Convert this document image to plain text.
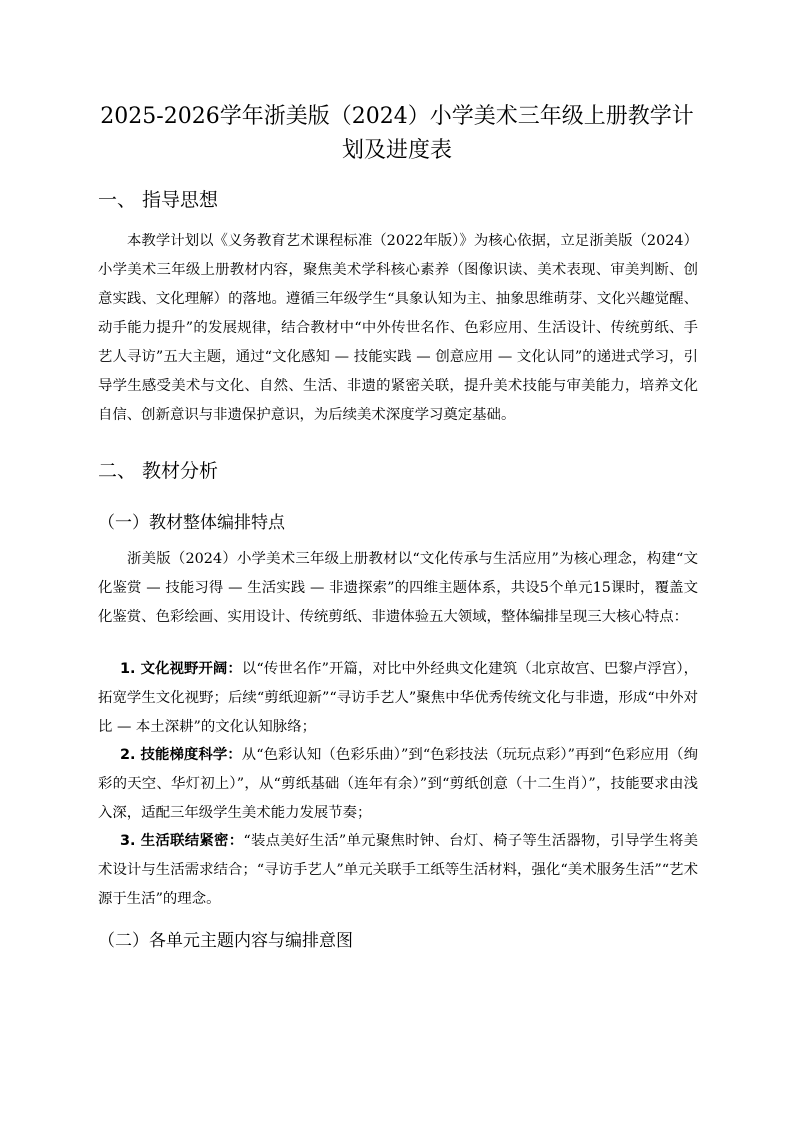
2025-2026学年浙美版（2024）小学美术三年级上册教学计划及进度表
一、 指导思想

本教学计划以《义务教育艺术课程标准（2022年版）》为核心依据，立足浙美版（2024）小学美术三年级上册教材内容，聚焦美术学科核心素养（图像识读、美术表现、审美判断、创意实践、文化理解）的落地。遵循三年级学生“具象认知为主、抽象思维萌芽、文化兴趣觉醒、动手能力提升”的发展规律，结合教材中“中外传世名作、色彩应用、生活设计、传统剪纸、手艺人寻访”五大主题，通过“文化感知 — 技能实践 — 创意应用 — 文化认同”的递进式学习，引导学生感受美术与文化、自然、生活、非遗的紧密关联，提升美术技能与审美能力，培养文化自信、创新意识与非遗保护意识，为后续美术深度学习奠定基础。

二、 教材分析
（一）教材整体编排特点

浙美版（2024）小学美术三年级上册教材以“文化传承与生活应用”为核心理念，构建“文化鉴赏 — 技能习得 — 生活实践 — 非遗探索”的四维主题体系，共设5个单元15课时，覆盖文化鉴赏、色彩绘画、实用设计、传统剪纸、非遗体验五大领域，整体编排呈现三大核心特点：

1. 文化视野开阔：以“传世名作”开篇，对比中外经典文化建筑（北京故宫、巴黎卢浮宫），拓宽学生文化视野；后续“剪纸迎新”“寻访手艺人”聚焦中华优秀传统文化与非遗，形成“中外对比 — 本土深耕”的文化认知脉络；

2. 技能梯度科学：从“色彩认知（色彩乐曲）”到“色彩技法（玩玩点彩）”再到“色彩应用（绚彩的天空、华灯初上）”，从“剪纸基础（连年有余）”到“剪纸创意（十二生肖）”，技能要求由浅入深，适配三年级学生美术能力发展节奏；

3. 生活联结紧密：“装点美好生活”单元聚焦时钟、台灯、椅子等生活器物，引导学生将美术设计与生活需求结合；“寻访手艺人”单元关联手工纸等生活材料，强化“美术服务生活”“艺术源于生活”的理念。

（二）各单元主题内容与编排意图
